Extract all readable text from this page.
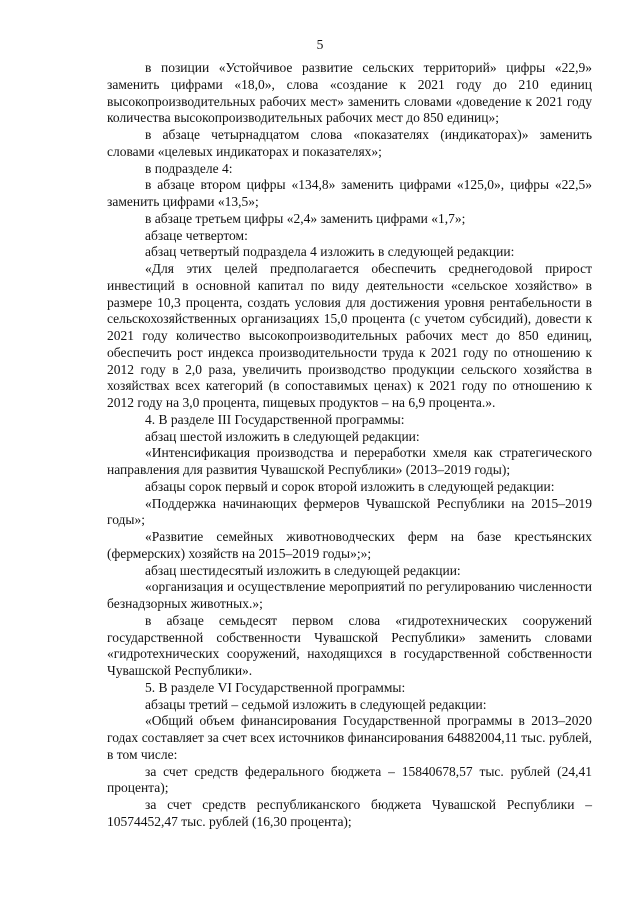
5

в позиции «Устойчивое развитие сельских территорий» цифры «22,9» заменить цифрами «18,0», слова «создание к 2021 году до 210 единиц высокопроизводительных рабочих мест» заменить словами «доведение к 2021 году количества высокопроизводительных рабочих мест до 850 единиц»;

в абзаце четырнадцатом слова «показателях (индикаторах)» заменить словами «целевых индикаторах и показателях»;

в подразделе 4:

в абзаце втором цифры «134,8» заменить цифрами «125,0», цифры «22,5» заменить цифрами «13,5»;

в абзаце третьем цифры «2,4» заменить цифрами «1,7»;

абзаце четвертом:

абзац четвертый подраздела 4 изложить в следующей редакции:

«Для этих целей предполагается обеспечить среднегодовой прирост инвестиций в основной капитал по виду деятельности «сельское хозяйство» в размере 10,3 процента, создать условия для достижения уровня рентабельности в сельскохозяйственных организациях 15,0 процента (с учетом субсидий), довести к 2021 году количество высокопроизводительных рабочих мест до 850 единиц, обеспечить рост индекса производительности труда к 2021 году по отношению к 2012 году в 2,0 раза, увеличить производство продукции сельского хозяйства в хозяйствах всех категорий (в сопоставимых ценах) к 2021 году по отношению к 2012 году на 3,0 процента, пищевых продуктов – на 6,9 процента.».

4. В разделе III Государственной программы:

абзац шестой изложить в следующей редакции:

«Интенсификация производства и переработки хмеля как стратегического направления для развития Чувашской Республики» (2013–2019 годы);

абзацы сорок первый и сорок второй изложить в следующей редакции:

«Поддержка начинающих фермеров Чувашской Республики на 2015–2019 годы»;

«Развитие семейных животноводческих ферм на базе крестьянских (фермерских) хозяйств на 2015–2019 годы»;»;

абзац шестидесятый изложить в следующей редакции:

«организация и осуществление мероприятий по регулированию численности безнадзорных животных.»;

в абзаце семьдесят первом слова «гидротехнических сооружений государственной собственности Чувашской Республики» заменить словами «гидротехнических сооружений, находящихся в государственной собственности Чувашской Республики».

5. В разделе VI Государственной программы:

абзацы третий – седьмой изложить в следующей редакции:

«Общий объем финансирования Государственной программы в 2013–2020 годах составляет за счет всех источников финансирования 64882004,11 тыс. рублей, в том числе:

за счет средств федерального бюджета – 15840678,57 тыс. рублей (24,41 процента);

за счет средств республиканского бюджета Чувашской Республики – 10574452,47 тыс. рублей (16,30 процента);
